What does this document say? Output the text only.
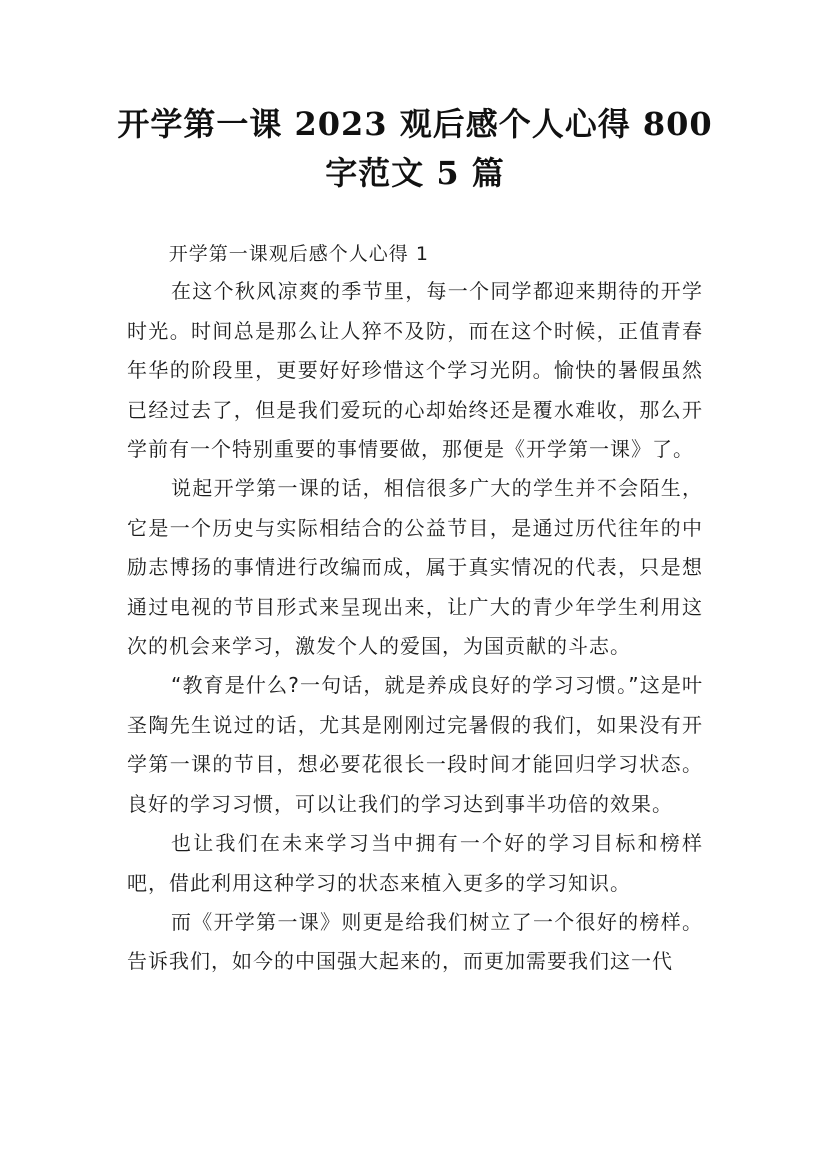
开学第一课 2023 观后感个人心得 800 字范文 5 篇

开学第一课观后感个人心得 1

在这个秋风凉爽的季节里，每一个同学都迎来期待的开学时光。时间总是那么让人猝不及防，而在这个时候，正值青春年华的阶段里，更要好好珍惜这个学习光阴。愉快的暑假虽然已经过去了，但是我们爱玩的心却始终还是覆水难收，那么开学前有一个特别重要的事情要做，那便是《开学第一课》了。

说起开学第一课的话，相信很多广大的学生并不会陌生，它是一个历史与实际相结合的公益节目，是通过历代往年的中励志博扬的事情进行改编而成，属于真实情况的代表，只是想通过电视的节目形式来呈现出来，让广大的青少年学生利用这次的机会来学习，激发个人的爱国，为国贡献的斗志。

“教育是什么?一句话，就是养成良好的学习习惯。”这是叶圣陶先生说过的话，尤其是刚刚过完暑假的我们，如果没有开学第一课的节目，想必要花很长一段时间才能回归学习状态。良好的学习习惯，可以让我们的学习达到事半功倍的效果。

也让我们在未来学习当中拥有一个好的学习目标和榜样吧，借此利用这种学习的状态来植入更多的学习知识。

而《开学第一课》则更是给我们树立了一个很好的榜样。告诉我们，如今的中国强大起来的，而更加需要我们这一代
